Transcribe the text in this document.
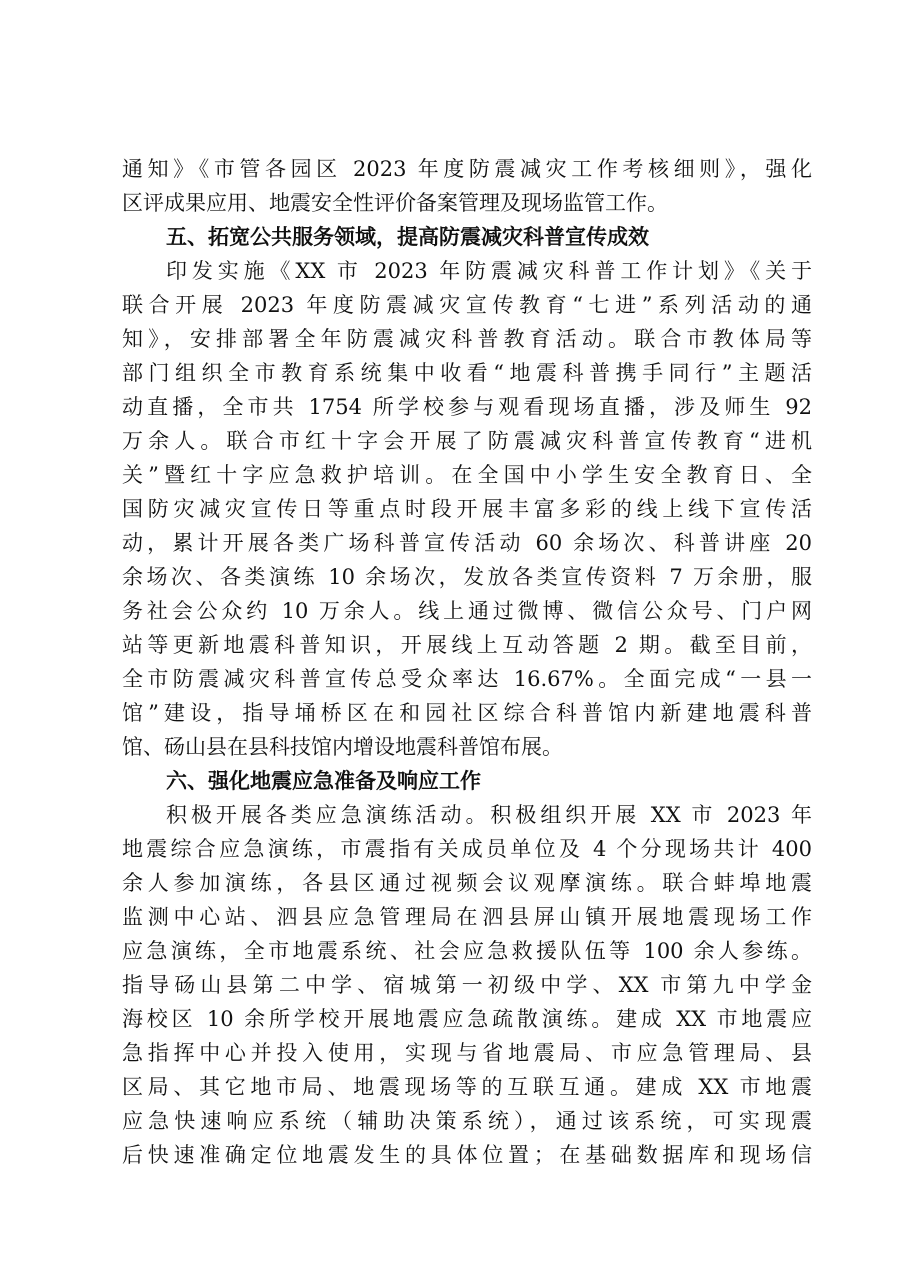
通知》《市管各园区 2023 年度防震减灾工作考核细则》，强化
区评成果应用、地震安全性评价备案管理及现场监管工作。
五、拓宽公共服务领域，提高防震减灾科普宣传成效
印发实施《XX 市 2023 年防震减灾科普工作计划》《关于
联合开展 2023 年度防震减灾宣传教育“七进”系列活动的通
知》，安排部署全年防震减灾科普教育活动。联合市教体局等
部门组织全市教育系统集中收看“地震科普携手同行”主题活
动直播，全市共 1754 所学校参与观看现场直播，涉及师生 92
万余人。联合市红十字会开展了防震减灾科普宣传教育“进机
关”暨红十字应急救护培训。在全国中小学生安全教育日、全
国防灾减灾宣传日等重点时段开展丰富多彩的线上线下宣传活
动，累计开展各类广场科普宣传活动 60 余场次、科普讲座 20
余场次、各类演练 10 余场次，发放各类宣传资料 7 万余册，服
务社会公众约 10 万余人。线上通过微博、微信公众号、门户网
站等更新地震科普知识，开展线上互动答题 2 期。截至目前，
全市防震减灾科普宣传总受众率达 16.67%。全面完成“一县一
馆”建设，指导埇桥区在和园社区综合科普馆内新建地震科普
馆、砀山县在县科技馆内增设地震科普馆布展。
六、强化地震应急准备及响应工作
积极开展各类应急演练活动。积极组织开展 XX 市 2023 年
地震综合应急演练，市震指有关成员单位及 4 个分现场共计 400
余人参加演练，各县区通过视频会议观摩演练。联合蚌埠地震
监测中心站、泗县应急管理局在泗县屏山镇开展地震现场工作
应急演练，全市地震系统、社会应急救援队伍等 100 余人参练。
指导砀山县第二中学、宿城第一初级中学、XX 市第九中学金
海校区 10 余所学校开展地震应急疏散演练。建成 XX 市地震应
急指挥中心并投入使用，实现与省地震局、市应急管理局、县
区局、其它地市局、地震现场等的互联互通。建成 XX 市地震
应急快速响应系统（辅助决策系统），通过该系统，可实现震
后快速准确定位地震发生的具体位置；在基础数据库和现场信
